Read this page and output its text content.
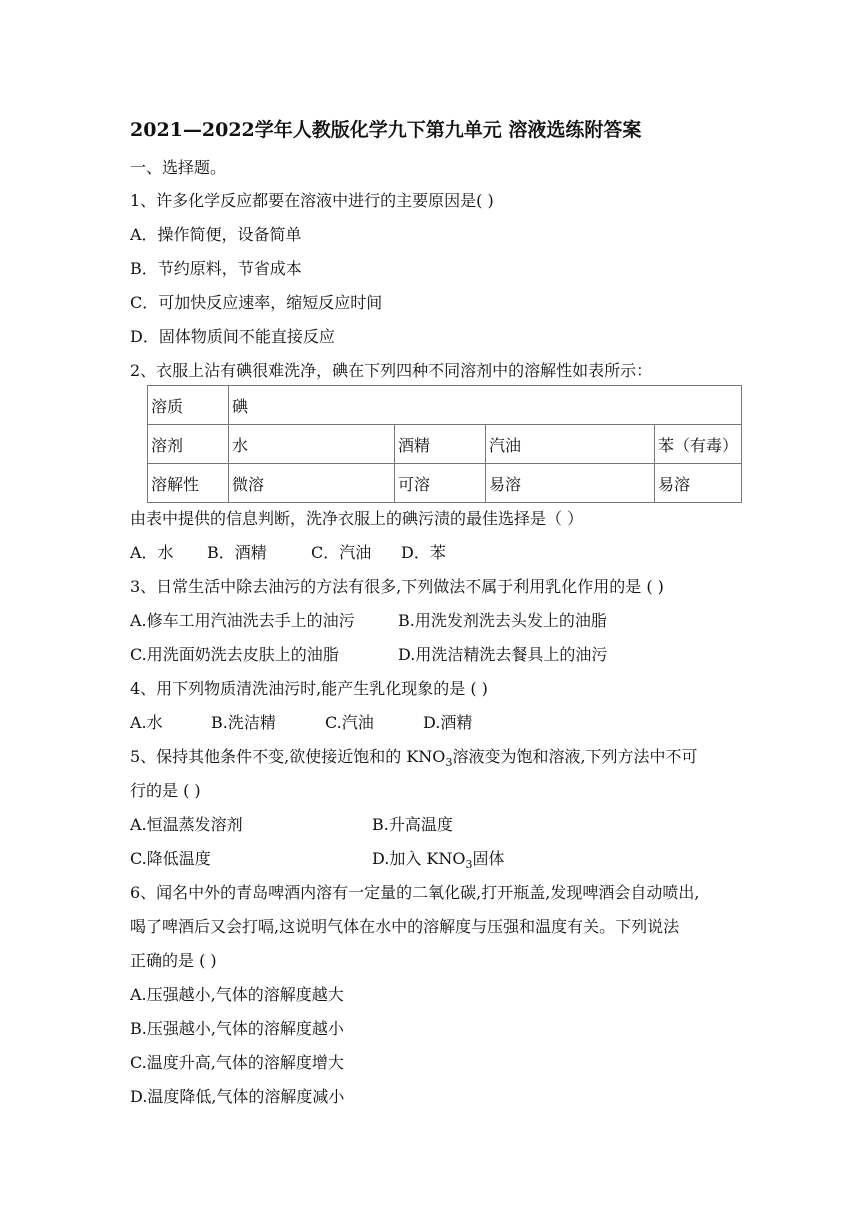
2021—2022学年人教版化学九下第九单元 溶液选练附答案
一、选择题。
1、许多化学反应都要在溶液中进行的主要原因是( )
A．操作简便，设备简单
B．节约原料，节省成本
C．可加快反应速率，缩短反应时间
D．固体物质间不能直接反应
2、衣服上沾有碘很难洗净，碘在下列四种不同溶剂中的溶解性如表所示：
溶质	碘			
溶剂	水	酒精	汽油	苯（有毒）
溶解性	微溶	可溶	易溶	易溶
由表中提供的信息判断，洗净衣服上的碘污渍的最佳选择是（ ）
A．水 B．酒精	C．汽油 D．苯
3、日常生活中除去油污的方法有很多,下列做法不属于利用乳化作用的是 ( )
A.修车工用汽油洗去手上的油污	B.用洗发剂洗去头发上的油脂
C.用洗面奶洗去皮肤上的油脂	D.用洗洁精洗去餐具上的油污
4、用下列物质清洗油污时,能产生乳化现象的是 ( )
A.水	B.洗洁精	C.汽油	D.酒精
5、保持其他条件不变,欲使接近饱和的 $KNO_3$溶液变为饱和溶液,下列方法中不可
行的是 ( )
A.恒温蒸发溶剂	B.升高温度
C.降低温度	D.加入 $KNO_3$固体
6、闻名中外的青岛啤酒内溶有一定量的二氧化碳,打开瓶盖,发现啤酒会自动喷出,
喝了啤酒后又会打嗝,这说明气体在水中的溶解度与压强和温度有关。下列说法
正确的是 ( )
A.压强越小,气体的溶解度越大
B.压强越小,气体的溶解度越小
C.温度升高,气体的溶解度增大
D.温度降低,气体的溶解度减小
